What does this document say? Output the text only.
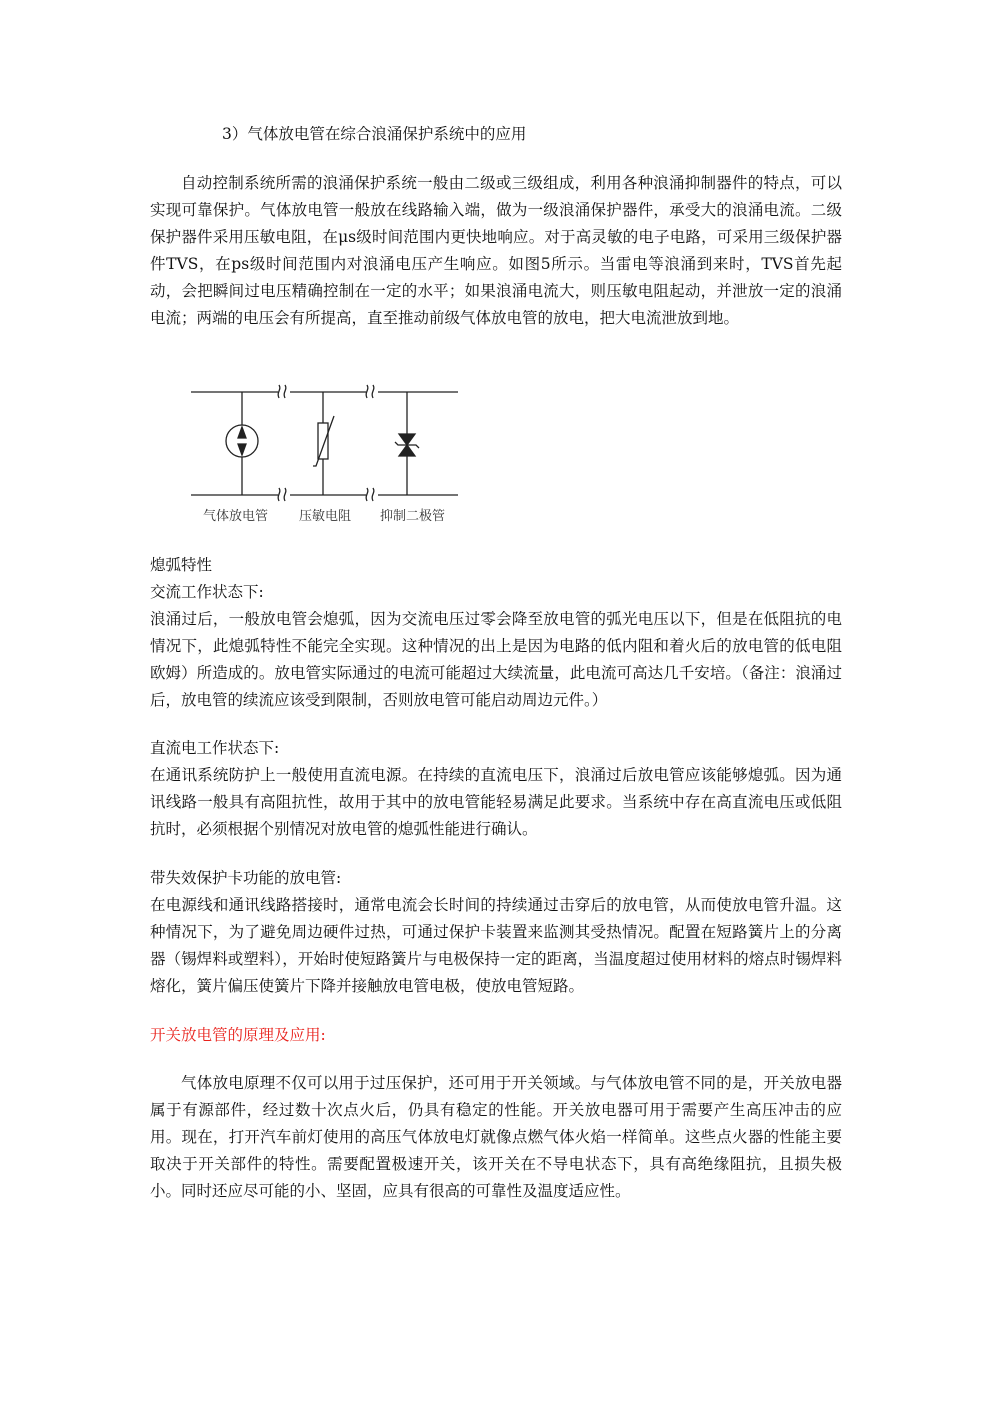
3）气体放电管在综合浪涌保护系统中的应用

自动控制系统所需的浪涌保护系统一般由二级或三级组成，利用各种浪涌抑制器件的特点，可以实现可靠保护。气体放电管一般放在线路输入端，做为一级浪涌保护器件，承受大的浪涌电流。二级保护器件采用压敏电阻，在μs级时间范围内更快地响应。对于高灵敏的电子电路，可采用三级保护器件TVS，在ps级时间范围内对浪涌电压产生响应。如图5所示。当雷电等浪涌到来时，TVS首先起动，会把瞬间过电压精确控制在一定的水平；如果浪涌电流大，则压敏电阻起动，并泄放一定的浪涌电流；两端的电压会有所提高，直至推动前级气体放电管的放电，把大电流泄放到地。

气体放电管 压敏电阻 抑制二极管
熄弧特性
交流工作状态下:

浪涌过后，一般放电管会熄弧，因为交流电压过零会降至放电管的弧光电压以下，但是在低阻抗的电情况下，此熄弧特性不能完全实现。这种情况的出上是因为电路的低内阻和着火后的放电管的低电阻欧姆）所造成的。放电管实际通过的电流可能超过大续流量，此电流可高达几千安培。（备注：浪涌过后，放电管的续流应该受到限制，否则放电管可能启动周边元件。）

直流电工作状态下:

在通讯系统防护上一般使用直流电源。在持续的直流电压下，浪涌过后放电管应该能够熄弧。因为通讯线路一般具有高阻抗性，故用于其中的放电管能轻易满足此要求。当系统中存在高直流电压或低阻抗时，必须根据个别情况对放电管的熄弧性能进行确认。

带失效保护卡功能的放电管:

在电源线和通讯线路搭接时，通常电流会长时间的持续通过击穿后的放电管，从而使放电管升温。这种情况下，为了避免周边硬件过热，可通过保护卡装置来监测其受热情况。配置在短路簧片上的分离器（锡焊料或塑料），开始时使短路簧片与电极保持一定的距离，当温度超过使用材料的熔点时锡焊料熔化，簧片偏压使簧片下降并接触放电管电极，使放电管短路。

开关放电管的原理及应用:

气体放电原理不仅可以用于过压保护，还可用于开关领域。与气体放电管不同的是，开关放电器属于有源部件，经过数十次点火后，仍具有稳定的性能。开关放电器可用于需要产生高压冲击的应用。现在，打开汽车前灯使用的高压气体放电灯就像点燃气体火焰一样简单。这些点火器的性能主要取决于开关部件的特性。需要配置极速开关，该开关在不导电状态下，具有高绝缘阻抗，且损失极小。同时还应尽可能的小、坚固，应具有很高的可靠性及温度适应性。
